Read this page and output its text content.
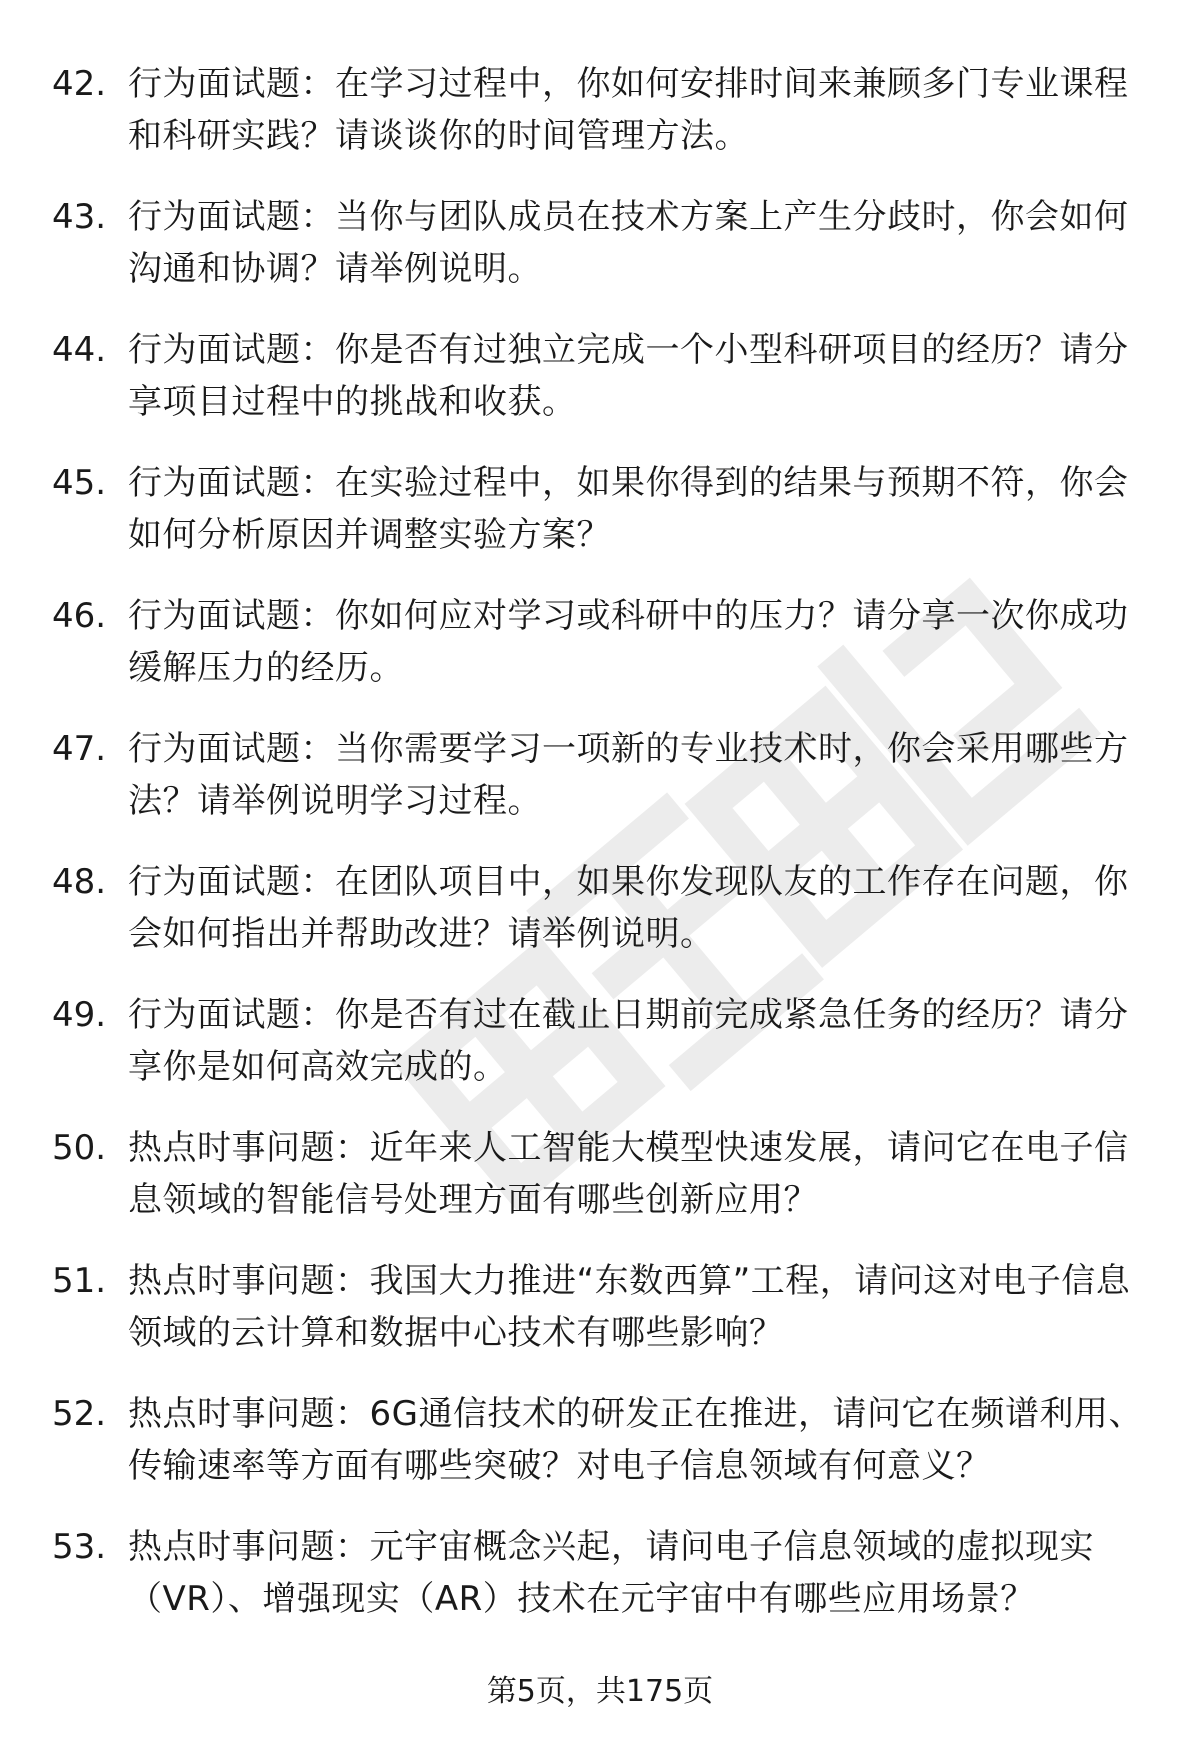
42. 行为面试题：在学习过程中，你如何安排时间来兼顾多门专业课程和科研实践？请谈谈你的时间管理方法。
43. 行为面试题：当你与团队成员在技术方案上产生分歧时，你会如何沟通和协调？请举例说明。
44. 行为面试题：你是否有过独立完成一个小型科研项目的经历？请分享项目过程中的挑战和收获。
45. 行为面试题：在实验过程中，如果你得到的结果与预期不符，你会如何分析原因并调整实验方案？
46. 行为面试题：你如何应对学习或科研中的压力？请分享一次你成功缓解压力的经历。
47. 行为面试题：当你需要学习一项新的专业技术时，你会采用哪些方法？请举例说明学习过程。
48. 行为面试题：在团队项目中，如果你发现队友的工作存在问题，你会如何指出并帮助改进？请举例说明。
49. 行为面试题：你是否有过在截止日期前完成紧急任务的经历？请分享你是如何高效完成的。
50. 热点时事问题：近年来人工智能大模型快速发展，请问它在电子信息领域的智能信号处理方面有哪些创新应用？
51. 热点时事问题：我国大力推进“东数西算”工程，请问这对电子信息领域的云计算和数据中心技术有哪些影响？
52. 热点时事问题：6G通信技术的研发正在推进，请问它在频谱利用、传输速率等方面有哪些突破？对电子信息领域有何意义？
53. 热点时事问题：元宇宙概念兴起，请问电子信息领域的虚拟现实（VR）、增强现实（AR）技术在元宇宙中有哪些应用场景？
第5页，共175页
